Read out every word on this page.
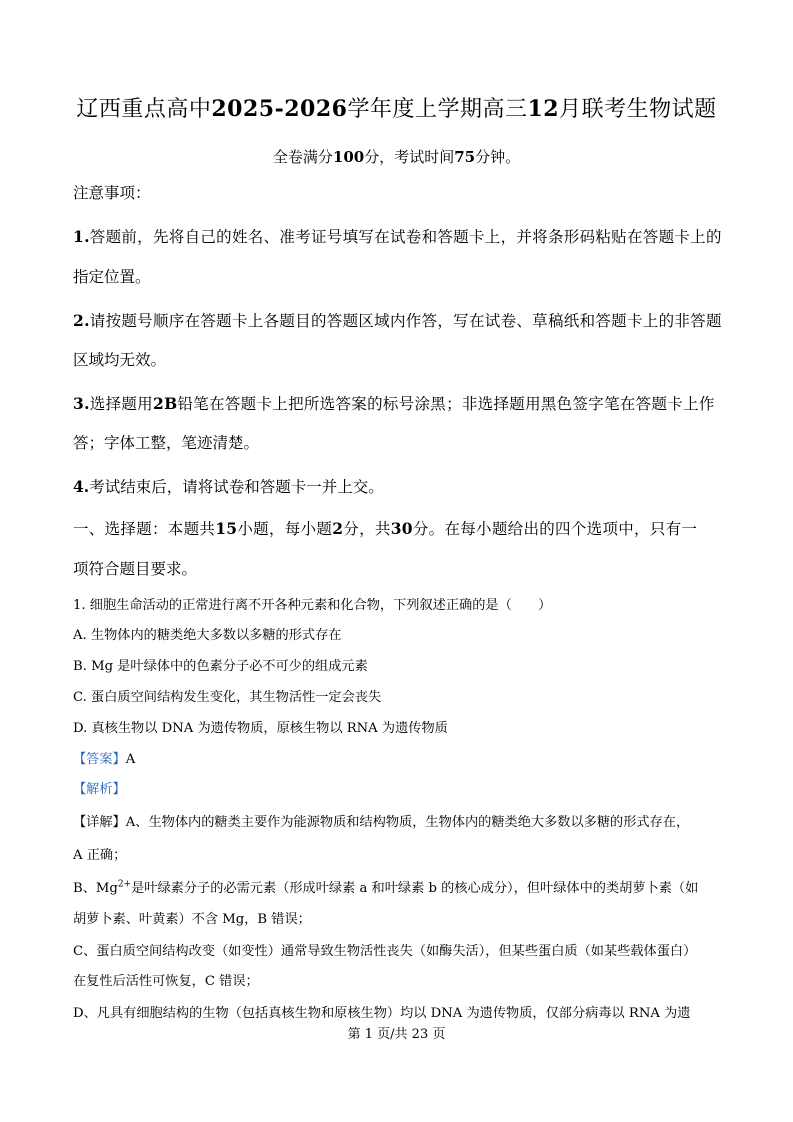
辽西重点高中2025-2026学年度上学期高三12月联考生物试题
全卷满分100分，考试时间75分钟。
注意事项：
1.答题前，先将自己的姓名、准考证号填写在试卷和答题卡上，并将条形码粘贴在答题卡上的
指定位置。
2.请按题号顺序在答题卡上各题目的答题区域内作答，写在试卷、草稿纸和答题卡上的非答题
区域均无效。
3.选择题用2B铅笔在答题卡上把所选答案的标号涂黑；非选择题用黑色签字笔在答题卡上作
答；字体工整，笔迹清楚。
4.考试结束后，请将试卷和答题卡一并上交。
一、选择题：本题共15小题，每小题2分，共30分。在每小题给出的四个选项中，只有一
项符合题目要求。
1. 细胞生命活动的正常进行离不开各种元素和化合物，下列叙述正确的是（　　）
A. 生物体内的糖类绝大多数以多糖的形式存在
B. Mg 是叶绿体中的色素分子必不可少的组成元素
C. 蛋白质空间结构发生变化，其生物活性一定会丧失
D. 真核生物以 DNA 为遗传物质，原核生物以 RNA 为遗传物质
【答案】A
【解析】
【详解】A、生物体内的糖类主要作为能源物质和结构物质，生物体内的糖类绝大多数以多糖的形式存在，
A 正确；
B、$Mg^{2+}$是叶绿素分子的必需元素（形成叶绿素 a 和叶绿素 b 的核心成分），但叶绿体中的类胡萝卜素（如
胡萝卜素、叶黄素）不含 Mg，B 错误；
C、蛋白质空间结构改变（如变性）通常导致生物活性丧失（如酶失活），但某些蛋白质（如某些载体蛋白）
在复性后活性可恢复，C 错误；
D、凡具有细胞结构的生物（包括真核生物和原核生物）均以 DNA 为遗传物质，仅部分病毒以 RNA 为遗
第 1 页/共 23 页
